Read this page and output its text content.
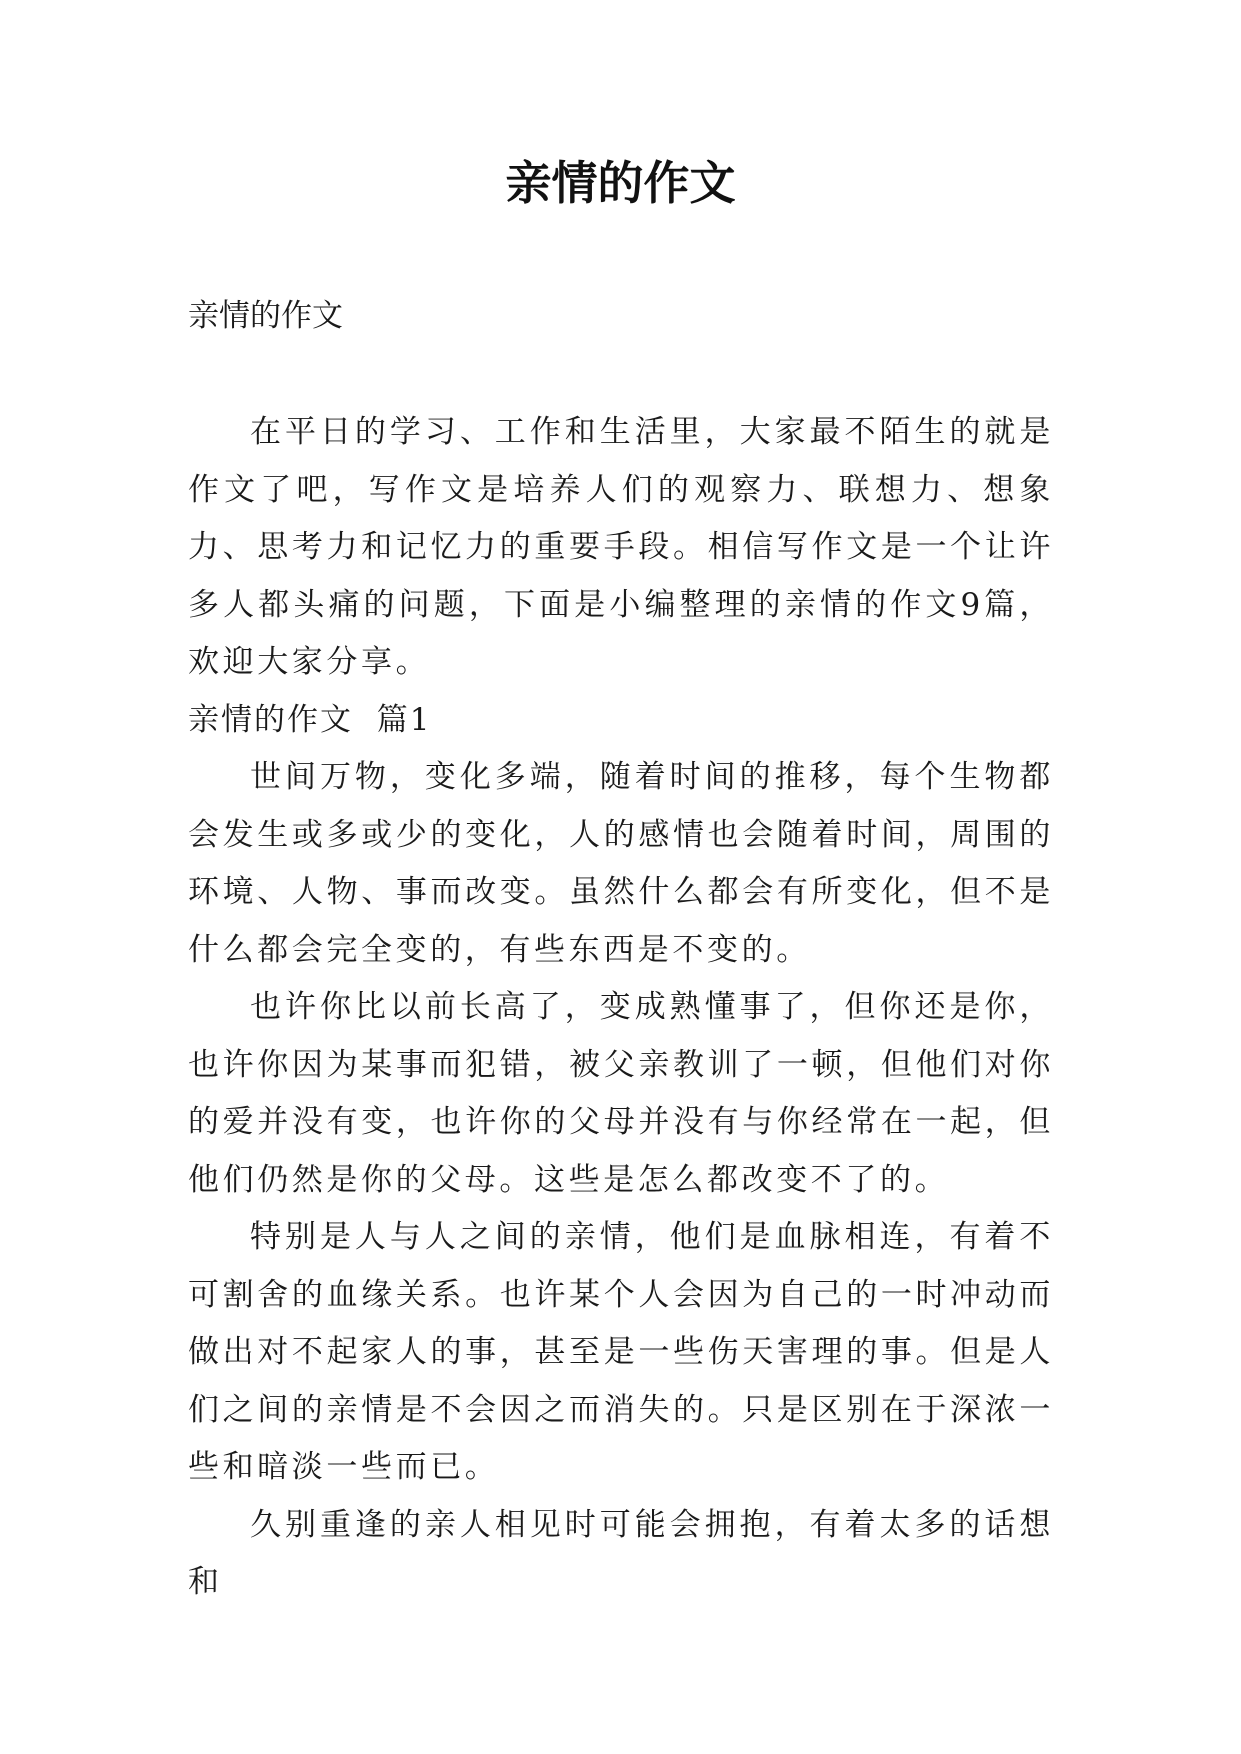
亲情的作文

亲情的作文

在平日的学习、工作和生活里，大家最不陌生的就是作文了吧，写作文是培养人们的观察力、联想力、想象力、思考力和记忆力的重要手段。相信写作文是一个让许多人都头痛的问题，下面是小编整理的亲情的作文9篇，欢迎大家分享。

亲情的作文  篇1

世间万物，变化多端，随着时间的推移，每个生物都会发生或多或少的变化，人的感情也会随着时间，周围的环境、人物、事而改变。虽然什么都会有所变化，但不是什么都会完全变的，有些东西是不变的。

也许你比以前长高了，变成熟懂事了，但你还是你，也许你因为某事而犯错，被父亲教训了一顿，但他们对你的爱并没有变，也许你的父母并没有与你经常在一起，但他们仍然是你的父母。这些是怎么都改变不了的。

特别是人与人之间的亲情，他们是血脉相连，有着不可割舍的血缘关系。也许某个人会因为自己的一时冲动而做出对不起家人的事，甚至是一些伤天害理的事。但是人们之间的亲情是不会因之而消失的。只是区别在于深浓一些和暗淡一些而已。

久别重逢的亲人相见时可能会拥抱，有着太多的话想和
